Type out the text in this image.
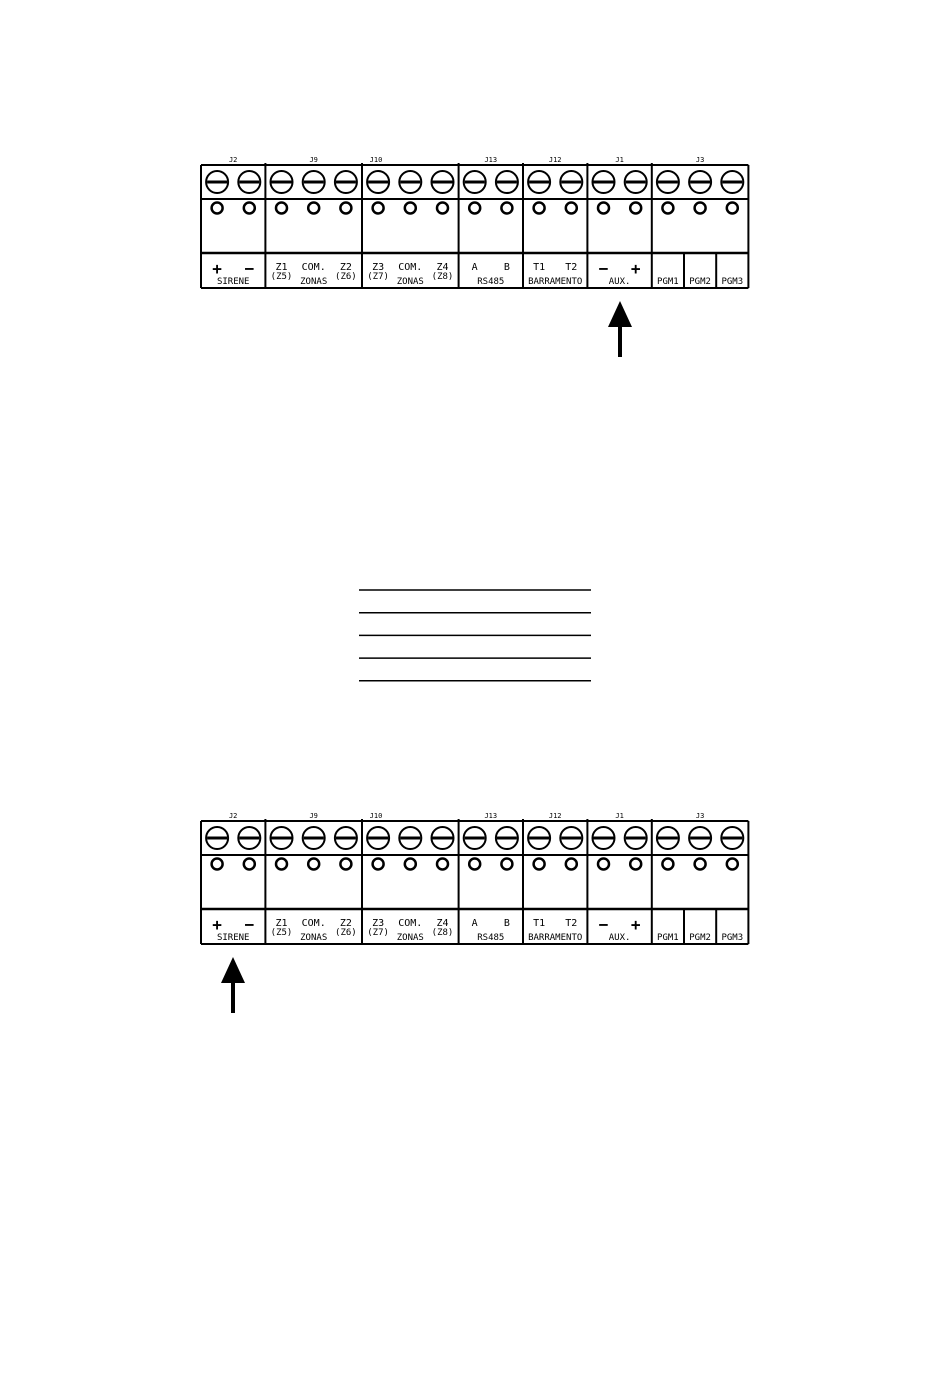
J2
+ −
SIRENE
J9
Z1
(Z5)
COM. Z2
(Z6)
ZONAS
J10
Z3
(Z7)
COM. Z4
(Z8)
ZONAS
J13
A	B
RS485
J12
T1 T2
BARRAMENTO
J1
− +
AUX.
J3
PGM1 PGM2 PGM3
J2
+ −
SIRENE
J9
Z1
(Z5)
COM. Z2
(Z6)
ZONAS
J10
Z3
(Z7)
COM. Z4
(Z8)
ZONAS
J13
A	B
RS485
J12
T1 T2
BARRAMENTO
J1
− +
AUX.
J3
PGM1 PGM2 PGM3
